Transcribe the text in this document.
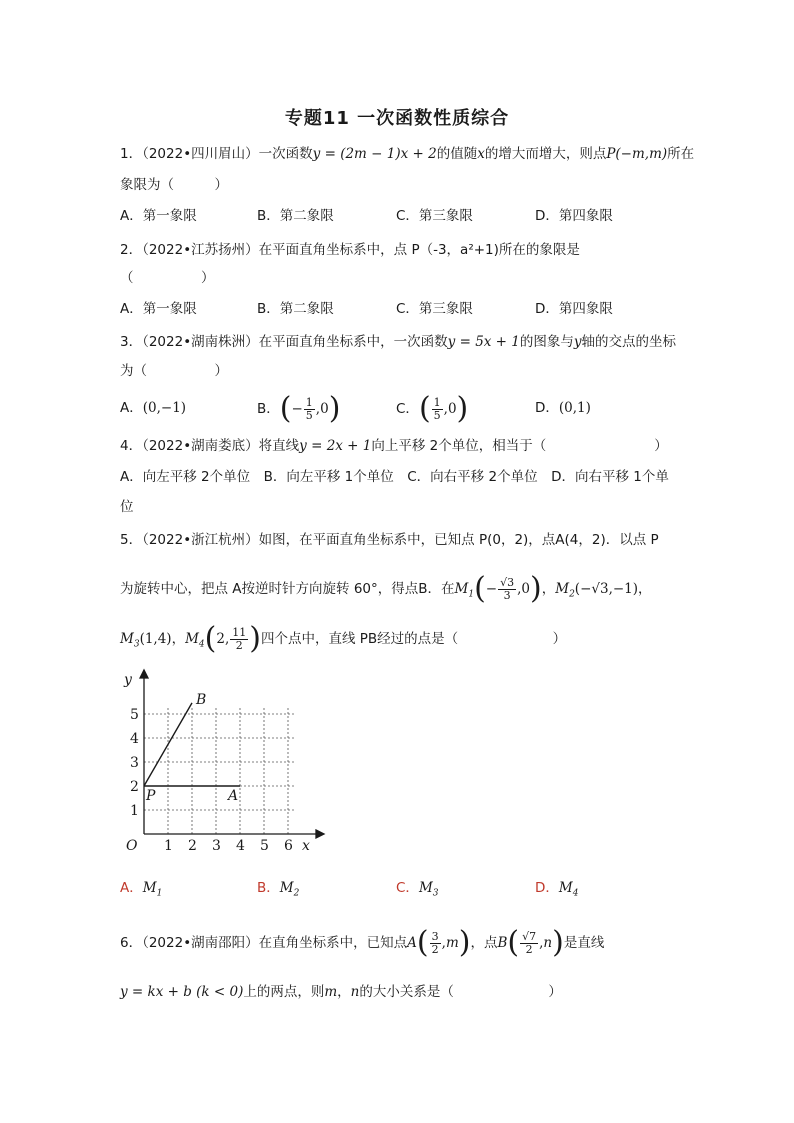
专题11 一次函数性质综合
1．（2022•四川眉山）一次函数y = (2m − 1)x + 2的值随x的增大而增大，则点P(−m,m)所在
象限为（　　　）
A．第一象限	B．第二象限	C．第三象限	D．第四象限
2．（2022•江苏扬州）在平面直角坐标系中，点 P（-3，a²+1)所在的象限是
（　　　　　）
A．第一象限	B．第二象限	C．第三象限	D．第四象限
3．（2022•湖南株洲）在平面直角坐标系中，一次函数y = 5x + 1的图象与y轴的交点的坐标
为（　　　　　）
A．(0,−1)	B．(− $\frac{1}{5} ,0$)	C．( $\frac{1}{5} ,0$)	D．(0,1)
4．（2022•湖南娄底）将直线y = 2x + 1向上平移 2个单位，相当于（　　　　　　　　）
A．向左平移 2个单位　B．向左平移 1个单位　C．向右平移 2个单位　D．向右平移 1个单
位
5．（2022•浙江杭州）如图，在平面直角坐标系中，已知点 P(0，2)，点A(4，2)．以点 P
为旋转中心，把点 A按逆时针方向旋转 60°，得点B．在$M_1(- \frac{√3}{3} ,0)$，$M_2(-√3,-1)$，
$M_3(1,4)$，$M_4(2$, $\frac{11}{2}$ )四个点中，直线 PB经过的点是（　　　　　　　）
1 2 3 4 5 6
1
2
3
4
5
O	x
y
P	A
B
A．$M_1$	B．$M_2$	C．$M_3$	D．$M_4$
6．（2022•湖南邵阳）在直角坐标系中，已知点$A( \frac{3}{2} ,m)$，点$B( \frac{√7}{2} ,n)$是直线
y = kx + b (k < 0)上的两点，则m，n的大小关系是（　　　　　　　）
